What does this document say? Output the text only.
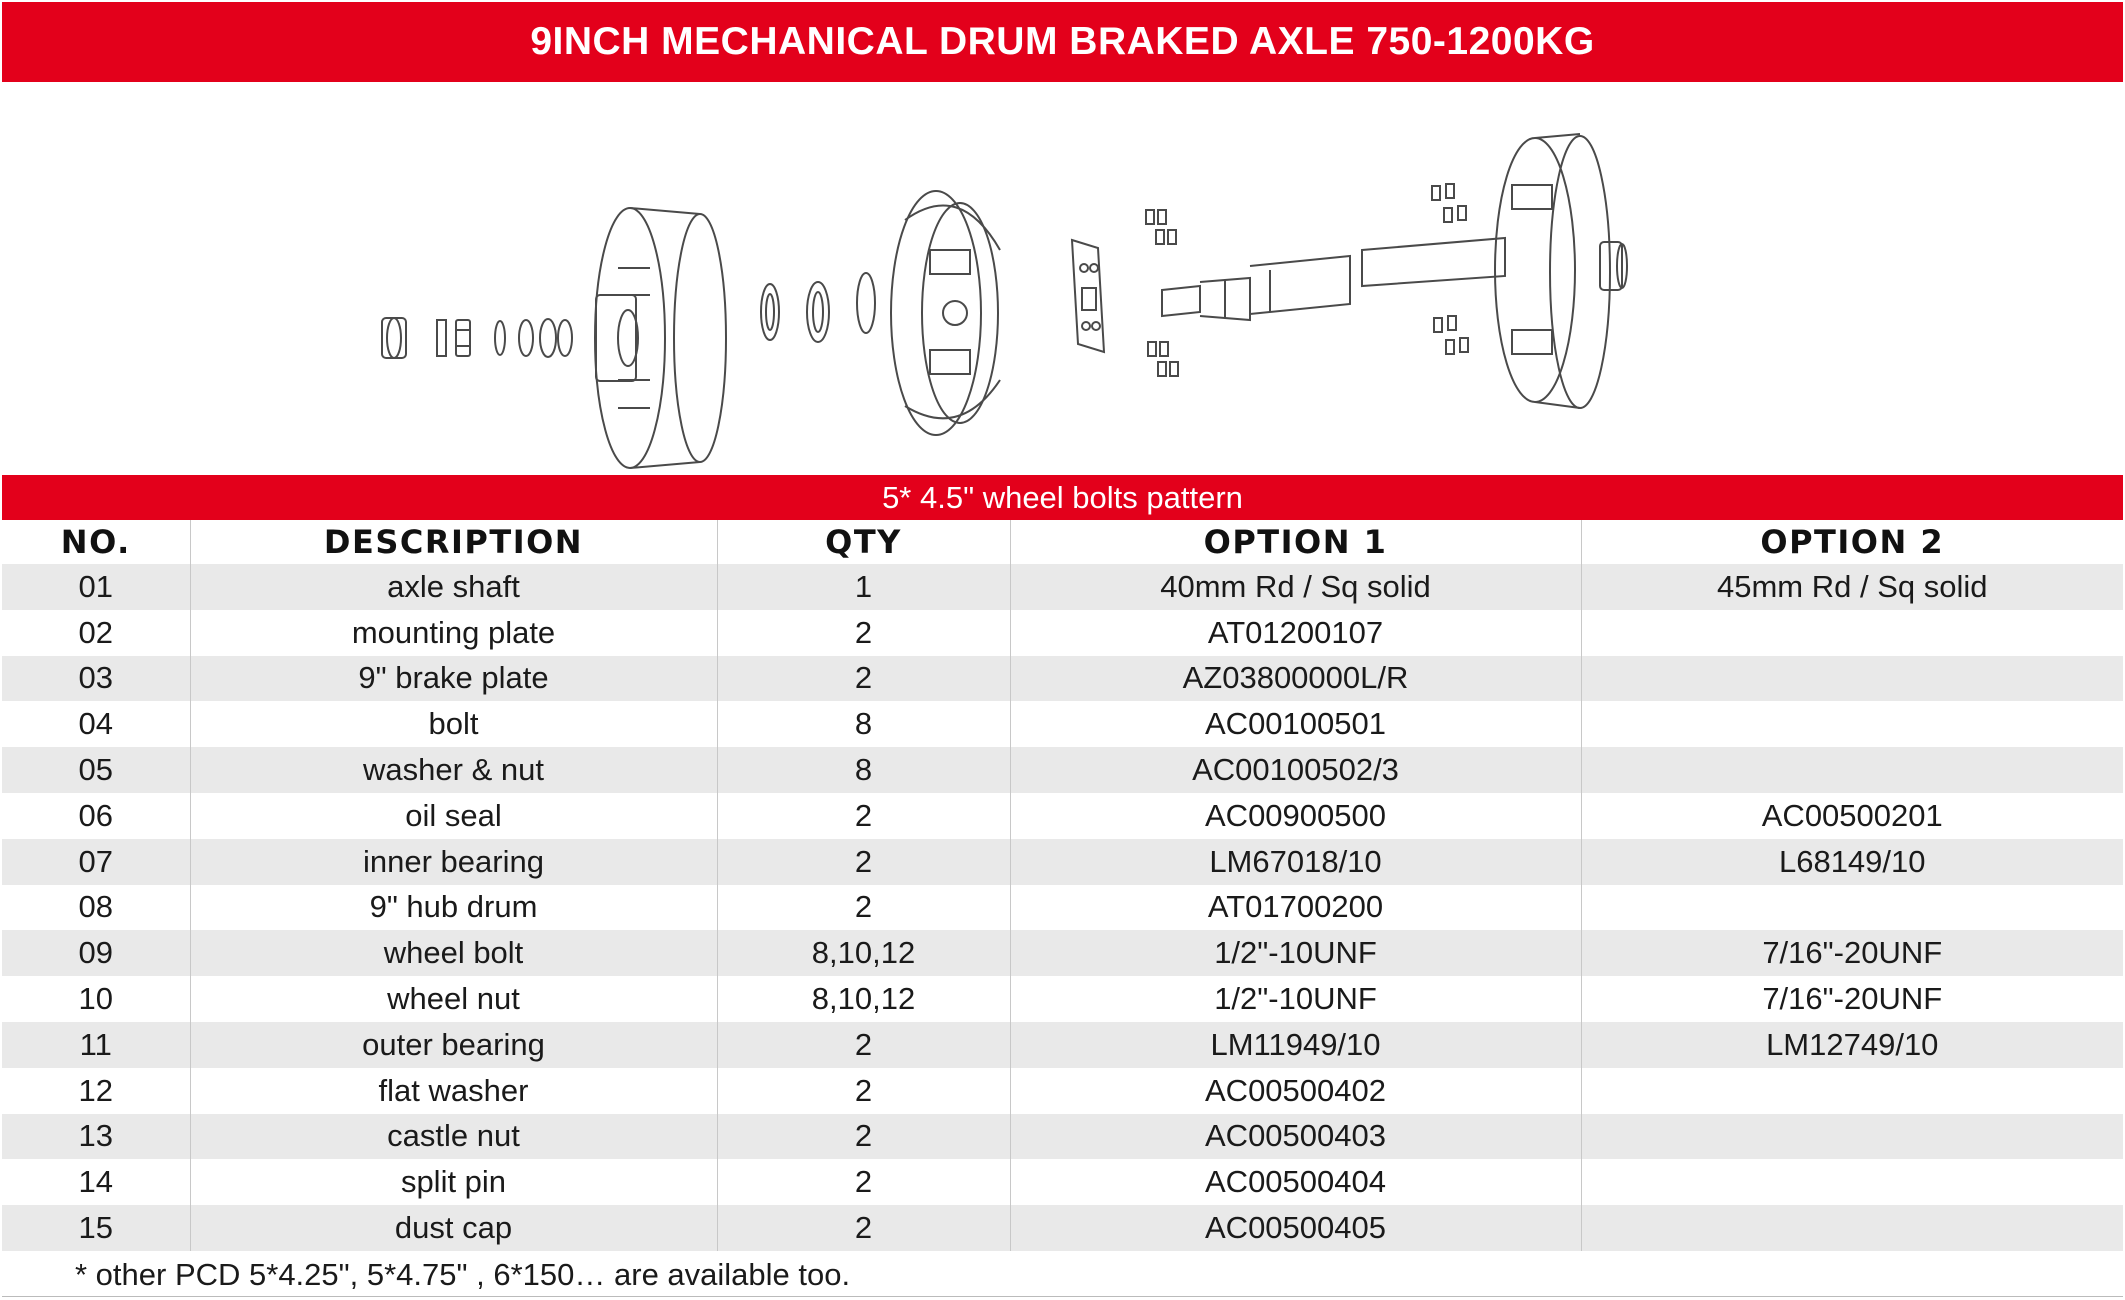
9INCH MECHANICAL DRUM BRAKED AXLE 750-1200KG
5* 4.5" wheel bolts pattern
NO.	DESCRIPTION	QTY	OPTION 1	OPTION 2
01	axle shaft	1	40mm Rd / Sq solid	45mm Rd / Sq solid
02	mounting plate	2	AT01200107	
03	9" brake plate	2	AZ03800000L/R	
04	bolt	8	AC00100501	
05	washer & nut	8	AC00100502/3	
06	oil seal	2	AC00900500	AC00500201
07	inner bearing	2	LM67018/10	L68149/10
08	9" hub drum	2	AT01700200	
09	wheel bolt	8,10,12	1/2"-10UNF	7/16"-20UNF
10	wheel nut	8,10,12	1/2"-10UNF	7/16"-20UNF
11	outer bearing	2	LM11949/10	LM12749/10
12	flat washer	2	AC00500402	
13	castle nut	2	AC00500403	
14	split pin	2	AC00500404	
15	dust cap	2	AC00500405	
* other PCD 5*4.25", 5*4.75" , 6*150… are available too.
